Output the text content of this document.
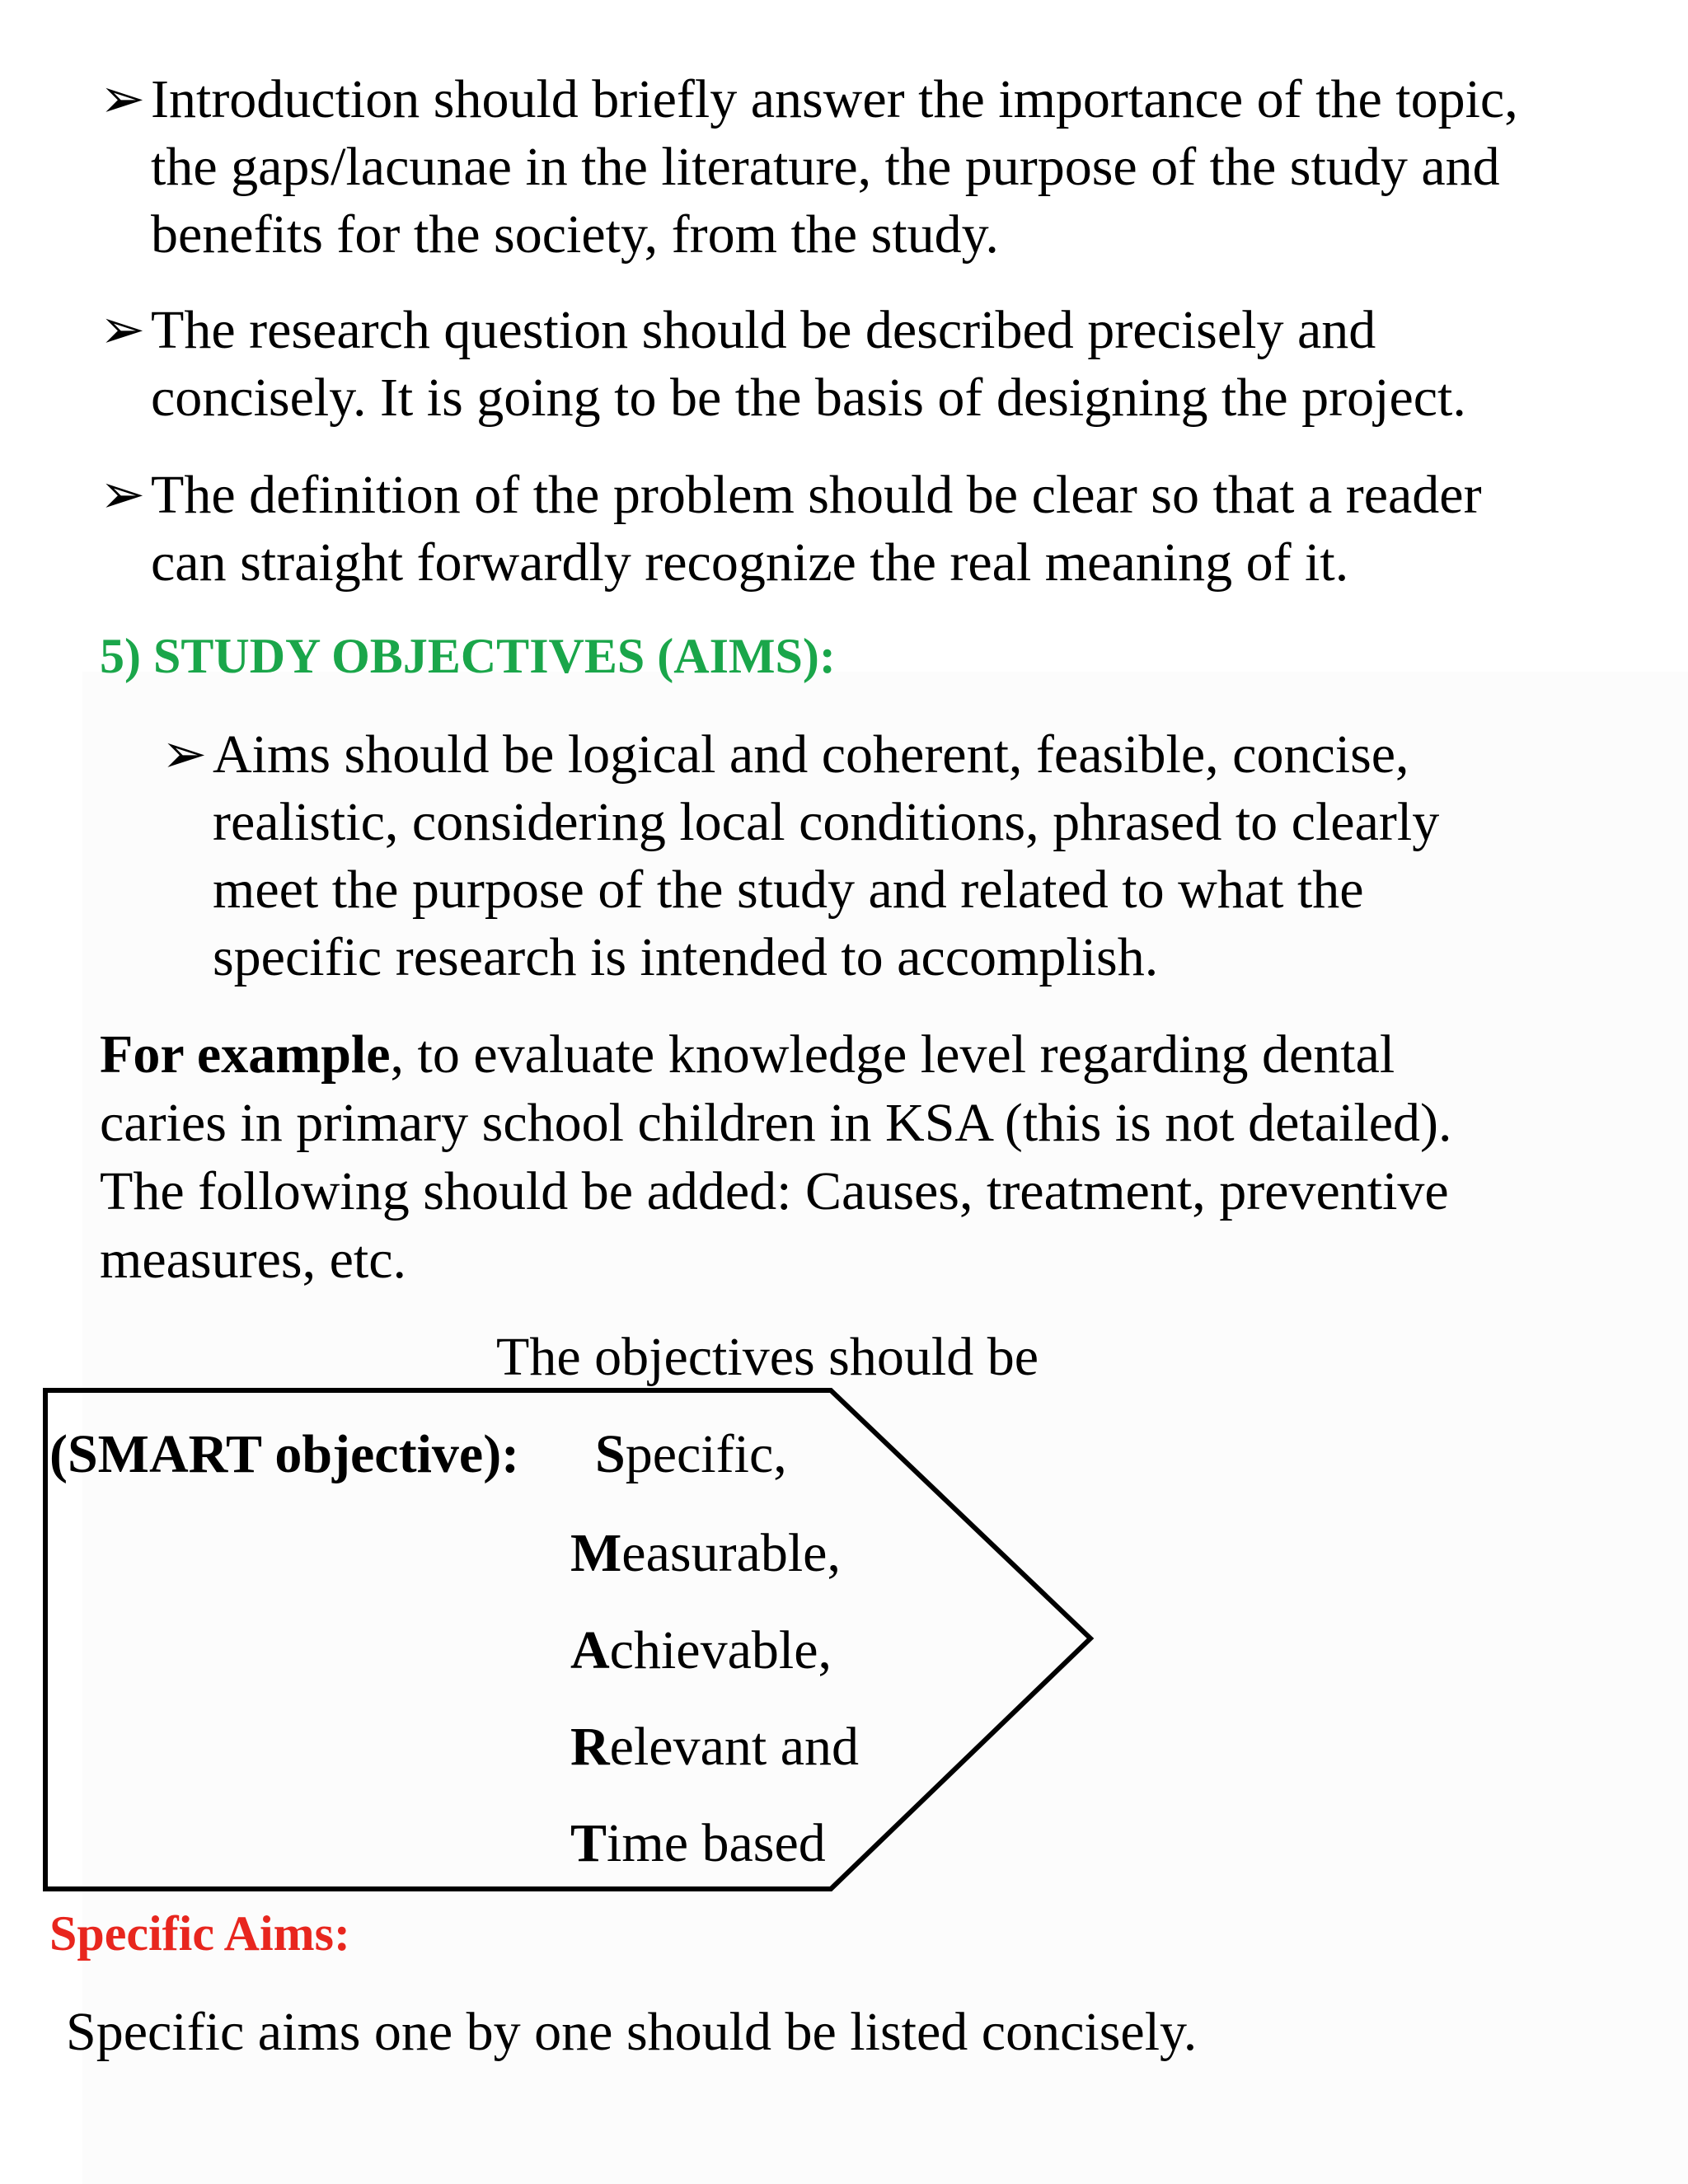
➢ Introduction should briefly answer the importance of the topic,
the gaps/lacunae in the literature, the purpose of the study and
benefits for the society, from the study.
➢ The research question should be described precisely and
concisely. It is going to be the basis of designing the project.
➢ The definition of the problem should be clear so that a reader
can straight forwardly recognize the real meaning of it.
5) STUDY OBJECTIVES (AIMS):
➢ Aims should be logical and coherent, feasible, concise,
realistic, considering local conditions, phrased to clearly
meet the purpose of the study and related to what the
specific research is intended to accomplish.
For example, to evaluate knowledge level regarding dental
caries in primary school children in KSA (this is not detailed).
The following should be added: Causes, treatment, preventive
measures, etc.
The objectives should be
(SMART objective): Specific,
Measurable,
Achievable,
Relevant and
Time based
Specific Aims:
Specific aims one by one should be listed concisely.
